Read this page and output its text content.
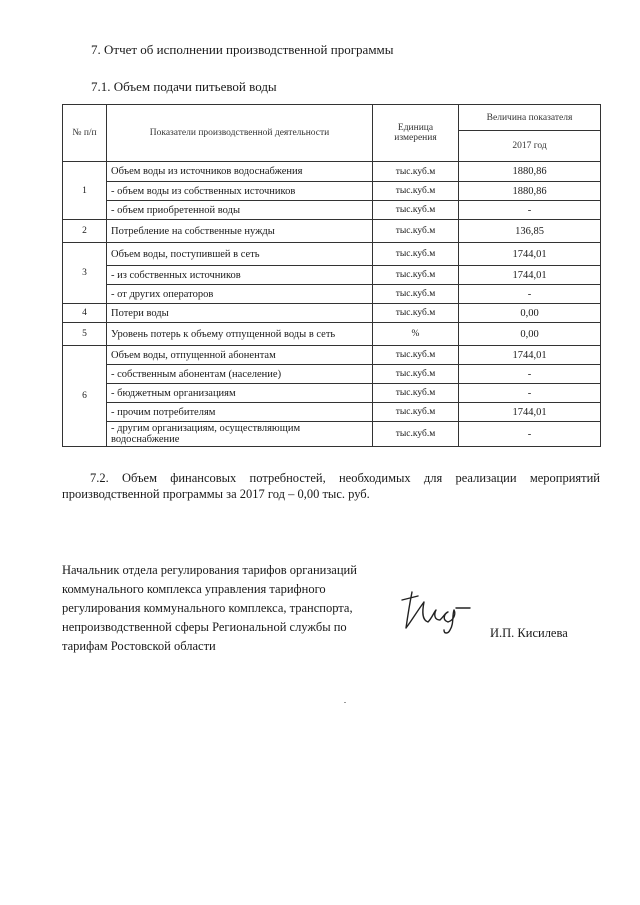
7. Отчет об исполнении производственной программы
7.1. Объем подачи питьевой воды
№ п/п	Показатели производственной деятельности	Единица измерения	Величина показателя
			2017 год
1	Объем воды из источников водоснабжения	тыс.куб.м	1880,86
	- объем воды из собственных источников	тыс.куб.м	1880,86
	- объем приобретенной воды	тыс.куб.м	-
2	Потребление на собственные нужды	тыс.куб.м	136,85
3	Объем воды, поступившей в сеть	тыс.куб.м	1744,01
	- из собственных источников	тыс.куб.м	1744,01
	- от других операторов	тыс.куб.м	-
4	Потери воды	тыс.куб.м	0,00
5	Уровень потерь к объему отпущенной воды в сеть	%	0,00
6	Объем воды, отпущенной абонентам	тыс.куб.м	1744,01
	- собственным абонентам (население)	тыс.куб.м	-
	- бюджетным организациям	тыс.куб.м	-
	- прочим потребителям	тыс.куб.м	1744,01
	- другим организациям, осуществляющим водоснабжение	тыс.куб.м	-
7.2. Объем финансовых потребностей, необходимых для реализации мероприятий производственной программы за 2017 год – 0,00 тыс. руб.
Начальник отдела регулирования тарифов организаций
коммунального комплекса управления тарифного
регулирования коммунального комплекса, транспорта,
непроизводственной сферы Региональной службы по
тарифам Ростовской области
И.П. Кисилева
